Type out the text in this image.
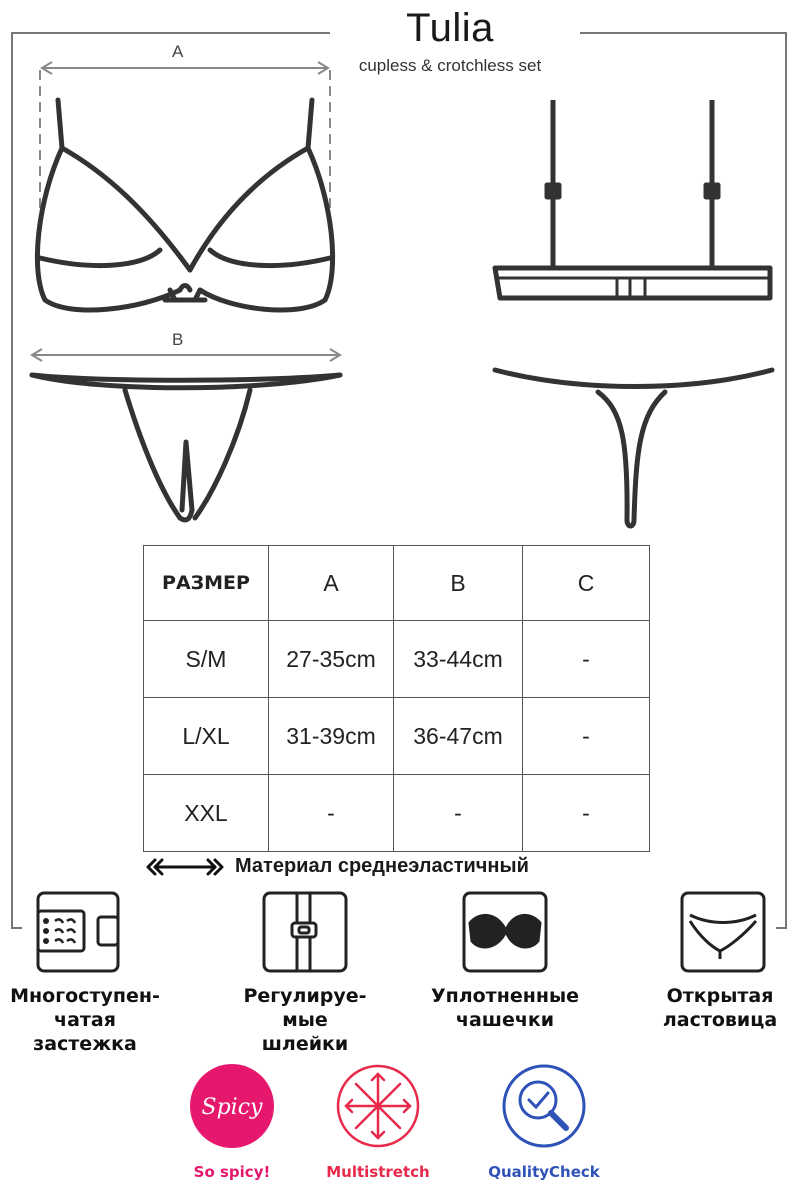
Tulia
cupless & crotchless set
A
B
РАЗМЕР	A	B	C
S/M	27-35cm	33-44cm	-
L/XL	31-39cm	36-47cm	-
XXL	-	-	-
Материал среднеэластичный
Многоступен-
чатая
застежка
Регулируе-
мые
шлейки
Уплотненные
чашечки
Открытая
ластовица
Spicy
So spicy!	Multistretch	QualityCheck
